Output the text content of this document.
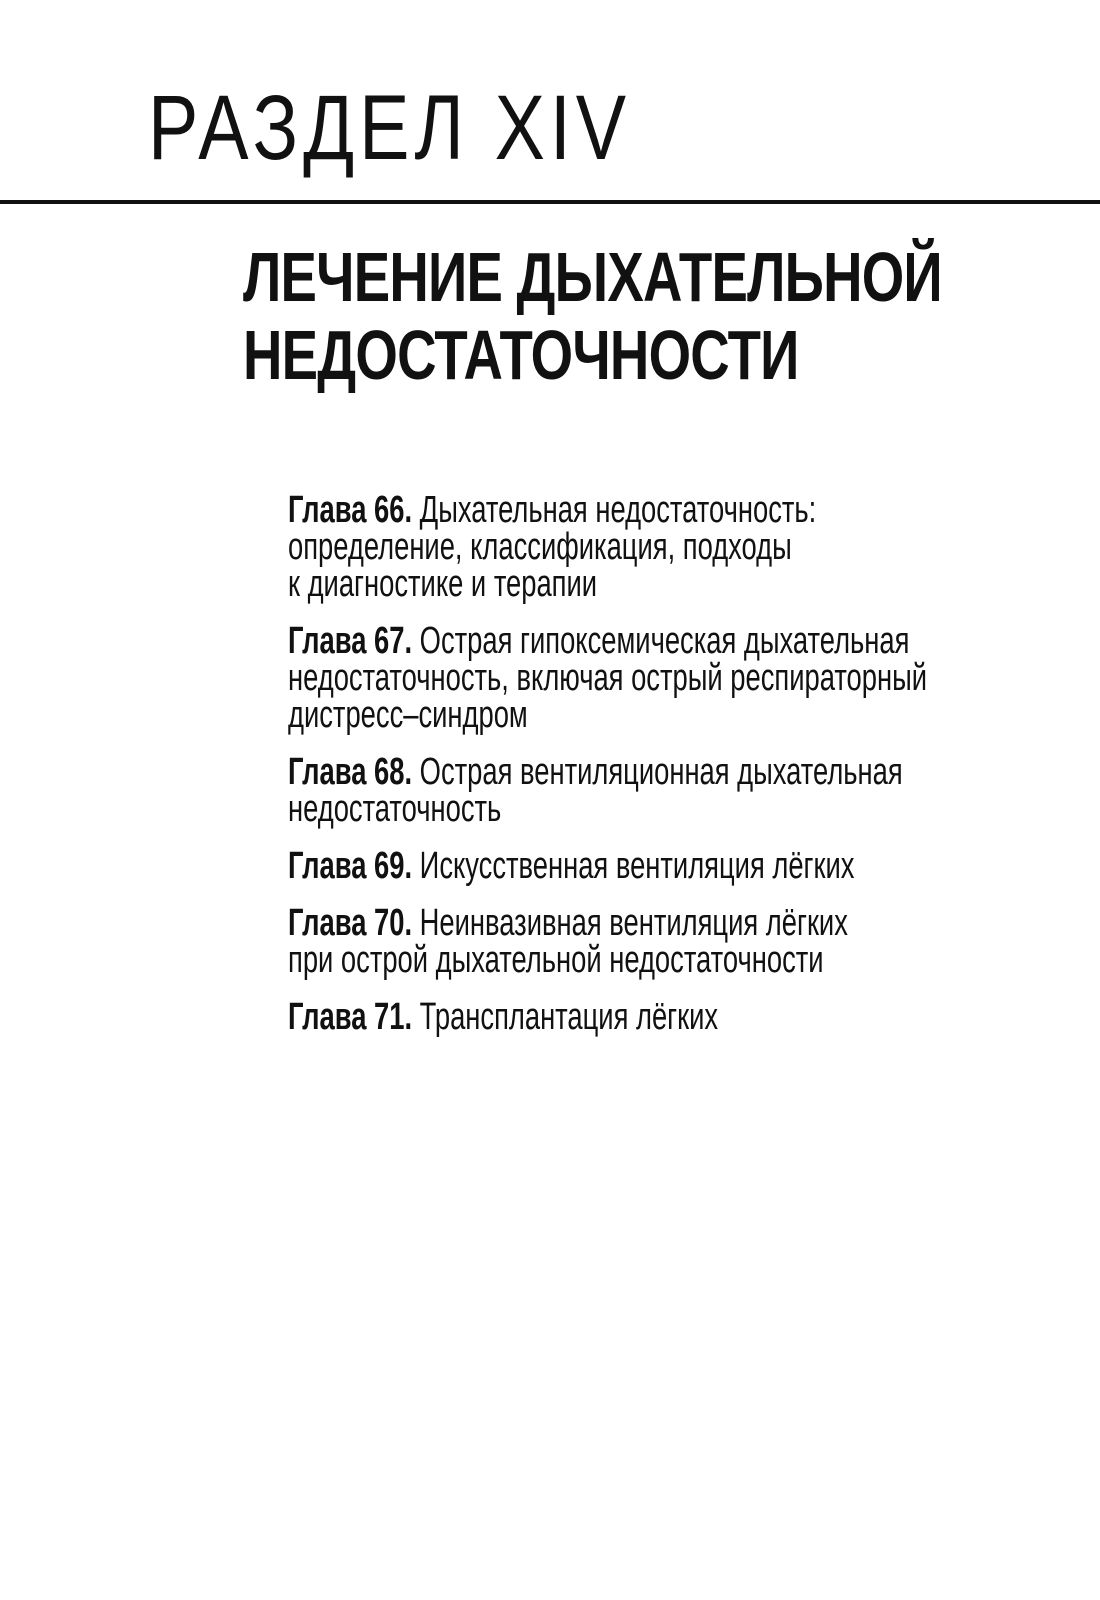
РАЗДЕЛ XIV
ЛЕЧЕНИЕ ДЫХАТЕЛЬНОЙ
НЕДОСТАТОЧНОСТИ
Глава 66. Дыхательная недостаточность:
определение, классификация, подходы
к диагностике и терапии
Глава 67. Острая гипоксемическая дыхательная
недостаточность, включая острый респираторный
дистресс–синдром
Глава 68. Острая вентиляционная дыхательная
недостаточность
Глава 69. Искусственная вентиляция лёгких
Глава 70. Неинвазивная вентиляция лёгких
при острой дыхательной недостаточности
Глава 71. Трансплантация лёгких
